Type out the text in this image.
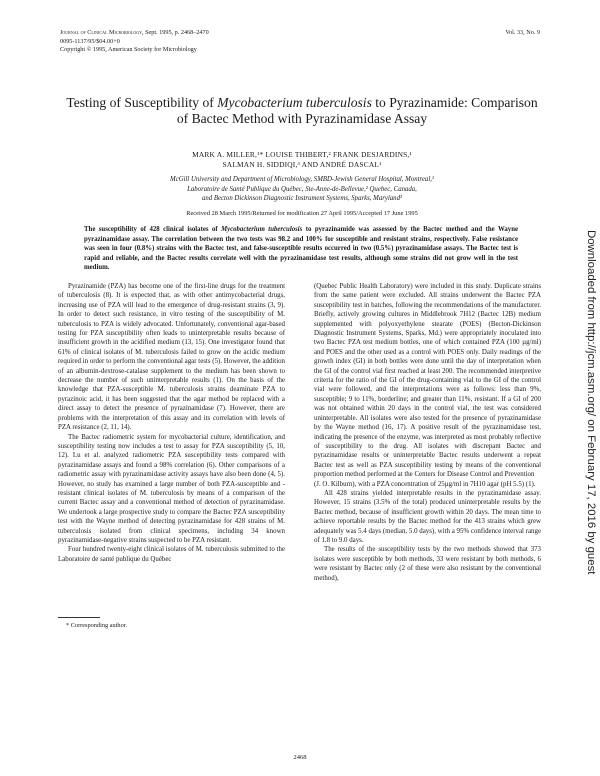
Journal of Clinical Microbiology, Sept. 1995, p. 2468–2470
0095-1137/95/$04.00+0
Copyright © 1995, American Society for Microbiology
Vol. 33, No. 9
Testing of Susceptibility of Mycobacterium tuberculosis to Pyrazinamide: Comparison of Bactec Method with Pyrazinamidase Assay
MARK A. MILLER,¹* LOUISE THIBERT,² FRANK DESJARDINS,¹
SALMAN H. SIDDIQI,³ AND ANDRÉ DASCAL¹
McGill University and Department of Microbiology, SMBD-Jewish General Hospital, Montreal,¹
Laboratoire de Santé Publique du Québec, Ste-Anne-de-Bellevue,² Quebec, Canada,
and Becton Dickinson Diagnostic Instrument Systems, Sparks, Maryland³
Received 28 March 1995/Returned for modification 27 April 1995/Accepted 17 June 1995
The susceptibility of 428 clinical isolates of Mycobacterium tuberculosis to pyrazinamide was assessed by the Bactec method and the Wayne pyrazinamidase assay. The correlation between the two tests was 98.2 and 100% for susceptible and resistant strains, respectively. False resistance was seen in four (0.8%) strains with the Bactec test, and false-susceptible results occurred in two (0.5%) pyrazinamidase assays. The Bactec test is rapid and reliable, and the Bactec results correlate well with the pyrazinamidase test results, although some strains did not grow well in the test medium.

Pyrazinamide (PZA) has become one of the first-line drugs for the treatment of tuberculosis (8). It is expected that, as with other antimycobacterial drugs, increasing use of PZA will lead to the emergence of drug-resistant strains (3, 9). In order to detect such resistance, in vitro testing of the susceptibility of M. tuberculosis to PZA is widely advocated. Unfortunately, conventional agar-based testing for PZA susceptibility often leads to uninterpretable results because of insufficient growth in the acidified medium (13, 15). One investigator found that 61% of clinical isolates of M. tuberculosis failed to grow on the acidic medium required in order to perform the conventional agar tests (5). However, the addition of an albumin-dextrose-catalase supplement to the medium has been shown to decrease the number of such uninterpretable results (1). On the basis of the knowledge that PZA-susceptible M. tuberculosis strains deaminate PZA to pyrazinoic acid, it has been suggested that the agar method be replaced with a direct assay to detect the presence of pyrazinamidase (7). However, there are problems with the interpretation of this assay and its correlation with levels of PZA resistance (2, 11, 14).

The Bactec radiometric system for mycobacterial culture, identification, and susceptibility testing now includes a test to assay for PZA susceptibility (5, 10, 12). Lu et al. analyzed radiometric PZA susceptibility tests compared with pyrazinamidase assays and found a 98% correlation (6). Other comparisons of a radiometric assay with pyrazinamidase activity assays have also been done (4, 5). However, no study has examined a large number of both PZA-susceptible and -resistant clinical isolates of M. tuberculosis by means of a comparison of the current Bactec assay and a conventional method of detection of pyrazinamidase. We undertook a large prospective study to compare the Bactec PZA susceptibility test with the Wayne method of detecting pyrazinamidase for 428 strains of M. tuberculosis isolated from clinical specimens, including 34 known pyrazinamidase-negative strains suspected to be PZA resistant.

Four hundred twenty-eight clinical isolates of M. tuberculosis submitted to the Laboratoire de santé publique du Québec

(Quebec Public Health Laboratory) were included in this study. Duplicate strains from the same patient were excluded. All strains underwent the Bactec PZA susceptibility test in batches, following the recommendations of the manufacturer. Briefly, actively growing cultures in Middlebrook 7H12 (Bactec 12B) medium supplemented with polyoxyethylene stearate (POES) (Becton-Dickinson Diagnostic Instrument Systems, Sparks, Md.) were appropriately inoculated into two Bactec PZA test medium bottles, one of which contained PZA (100 µg/ml) and POES and the other used as a control with POES only. Daily readings of the growth index (GI) in both bottles were done until the day of interpretation when the GI of the control vial first reached at least 200. The recommended interpretive criteria for the ratio of the GI of the drug-containing vial to the GI of the control vial were followed, and the interpretations were as follows: less than 9%, susceptible; 9 to 11%, borderline; and greater than 11%, resistant. If a GI of 200 was not obtained within 20 days in the control vial, the test was considered uninterpretable. All isolates were also tested for the presence of pyrazinamidase by the Wayne method (16, 17). A positive result of the pyrazinamidase test, indicating the presence of the enzyme, was interpreted as most probably reflective of susceptibility to the drug. All isolates with discrepant Bactec and pyrazinamidase results or uninterpretable Bactec results underwent a repeat Bactec test as well as PZA susceptibility testing by means of the conventional proportion method performed at the Centers for Disease Control and Prevention

(J. O. Kilburn), with a PZA concentration of 25µg/ml in 7H10 agar (pH 5.5) (1).

All 428 strains yielded interpretable results in the pyrazinamidase assay. However, 15 strains (3.5% of the total) produced uninterpretable results by the Bactec method, because of insufficient growth within 20 days. The mean time to achieve reportable results by the Bactec method for the 413 strains which grew adequately was 5.4 days (median, 5.0 days), with a 95% confidence interval range of 1.8 to 9.0 days.

The results of the susceptibility tests by the two methods showed that 373 isolates were susceptible by both methods, 33 were resistant by both methods, 6 were resistant by Bactec only (2 of these were also resistant by the conventional method),

* Corresponding author.
2468
Downloaded from http://jcm.asm.org/ on February 17, 2016 by guest
